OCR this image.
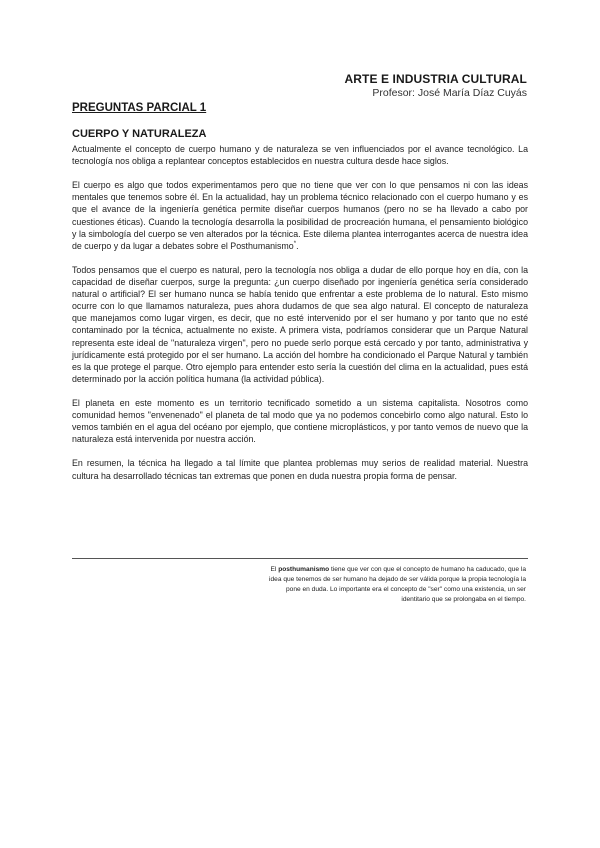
ARTE E INDUSTRIA CULTURAL
Profesor: José María Díaz Cuyás
PREGUNTAS PARCIAL 1
CUERPO Y NATURALEZA

Actualmente el concepto de cuerpo humano y de naturaleza se ven influenciados por el avance tecnológico. La tecnología nos obliga a replantear conceptos establecidos en nuestra cultura desde hace siglos.

El cuerpo es algo que todos experimentamos pero que no tiene que ver con lo que pensamos ni con las ideas mentales que tenemos sobre él. En la actualidad, hay un problema técnico relacionado con el cuerpo humano y es que el avance de la ingeniería genética permite diseñar cuerpos humanos (pero no se ha llevado a cabo por cuestiones éticas). Cuando la tecnología desarrolla la posibilidad de procreación humana, el pensamiento biológico y la simbología del cuerpo se ven alterados por la técnica. Este dilema plantea interrogantes acerca de nuestra idea de cuerpo y da lugar a debates sobre el Posthumanismo*.

Todos pensamos que el cuerpo es natural, pero la tecnología nos obliga a dudar de ello porque hoy en día, con la capacidad de diseñar cuerpos, surge la pregunta: ¿un cuerpo diseñado por ingeniería genética sería considerado natural o artificial? El ser humano nunca se había tenido que enfrentar a este problema de lo natural. Esto mismo ocurre con lo que llamamos naturaleza, pues ahora dudamos de que sea algo natural. El concepto de naturaleza que manejamos como lugar virgen, es decir, que no esté intervenido por el ser humano y por tanto que no esté contaminado por la técnica, actualmente no existe. A primera vista, podríamos considerar que un Parque Natural representa este ideal de "naturaleza virgen", pero no puede serlo porque está cercado y por tanto, administrativa y jurídicamente está protegido por el ser humano. La acción del hombre ha condicionado el Parque Natural y también es la que protege el parque. Otro ejemplo para entender esto sería la cuestión del clima en la actualidad, pues está determinado por la acción política humana (la actividad pública).

El planeta en este momento es un territorio tecnificado sometido a un sistema capitalista. Nosotros como comunidad hemos "envenenado" el planeta de tal modo que ya no podemos concebirlo como algo natural. Esto lo vemos también en el agua del océano por ejemplo, que contiene microplásticos, y por tanto vemos de nuevo que la naturaleza está intervenida por nuestra acción.

En resumen, la técnica ha llegado a tal límite que plantea problemas muy serios de realidad material. Nuestra cultura ha desarrollado técnicas tan extremas que ponen en duda nuestra propia forma de pensar.

El posthumanismo tiene que ver con que el concepto de humano ha caducado, que la idea que tenemos de ser humano ha dejado de ser válida porque la propia tecnología la pone en duda. Lo importante era el concepto de "ser" como una existencia, un ser identitario que se prolongaba en el tiempo.
